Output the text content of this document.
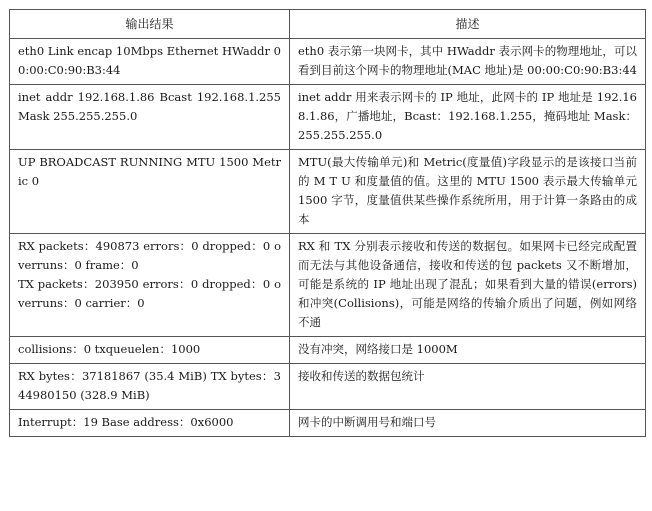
输出结果	描述

eth0 Link encap 10Mbps Ethernet HWaddr 00:00:C0:90:B3:44	eth0 表示第一块网卡，其中 HWaddr 表示网卡的物理地址，可以看到目前这个网卡的物理地址(MAC 地址)是 00:00:C0:90:B3:44

inet addr 192.168.1.86 Bcast 192.168.1.255 Mask 255.255.255.0	inet addr 用来表示网卡的 IP 地址，此网卡的 IP 地址是 192.168.1.86，广播地址，Bcast：192.168.1.255，掩码地址 Mask：255.255.255.0

UP BROADCAST RUNNING MTU 1500 Metric 0	MTU(最大传输单元)和 Metric(度量值)字段显示的是该接口当前的 M T U 和度量值的值。这里的 MTU 1500 表示最大传输单元 1500 字节，度量值供某些操作系统所用，用于计算一条路由的成本

RX packets：490873 errors：0 dropped：0 overruns：0 frame：0
TX packets：203950 errors：0 dropped：0 overruns：0 carrier：0	RX 和 TX 分别表示接收和传送的数据包。如果网卡已经完成配置而无法与其他设备通信，接收和传送的包 packets 又不断增加，可能是系统的 IP 地址出现了混乱；如果看到大量的错误(errors)和冲突(Collisions)，可能是网络的传输介质出了问题，例如网络不通

collisions：0 txqueuelen：1000	没有冲突，网络接口是 1000M

RX bytes：37181867 (35.4 MiB) TX bytes：344980150 (328.9 MiB)	接收和传送的数据包统计

Interrupt：19 Base address：0x6000	网卡的中断调用号和端口号
